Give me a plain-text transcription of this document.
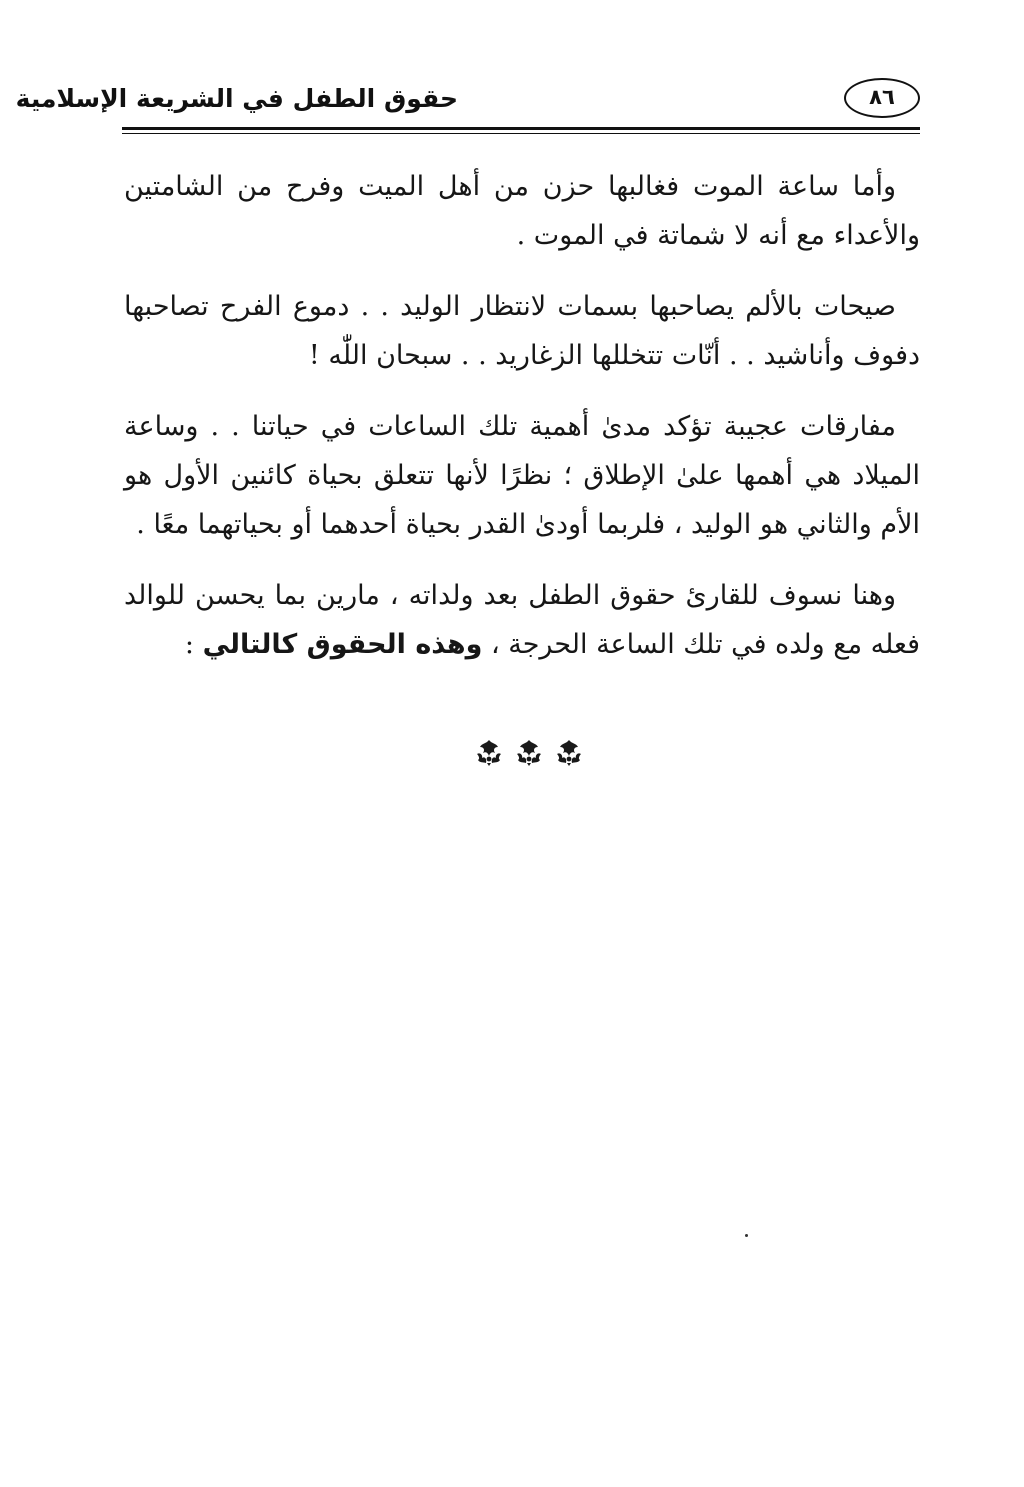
حقوق الطفل في الشريعة الإسلامية	٨٦

وأما ساعة الموت فغالبها حزن من أهل الميت وفرح من الشامتين والأعداء مع أنه لا شماتة في الموت .

صيحات بالألم يصاحبها بسمات لانتظار الوليد . . دموع الفرح تصاحبها دفوف وأناشيد . . أنّات تتخللها الزغاريد . . سبحان اللّٰه !

مفارقات عجيبة تؤكد مدىٰ أهمية تلك الساعات في حياتنا . . وساعة الميلاد هي أهمها علىٰ الإطلاق ؛ نظرًا لأنها تتعلق بحياة كائنين الأول هو الأم والثاني هو الوليد ، فلربما أودىٰ القدر بحياة أحدهما أو بحياتهما معًا .

وهنا نسوف للقارئ حقوق الطفل بعد ولداته ، مارين بما يحسن للوالد فعله مع ولده في تلك الساعة الحرجة ، وهذه الحقوق كالتالي :
